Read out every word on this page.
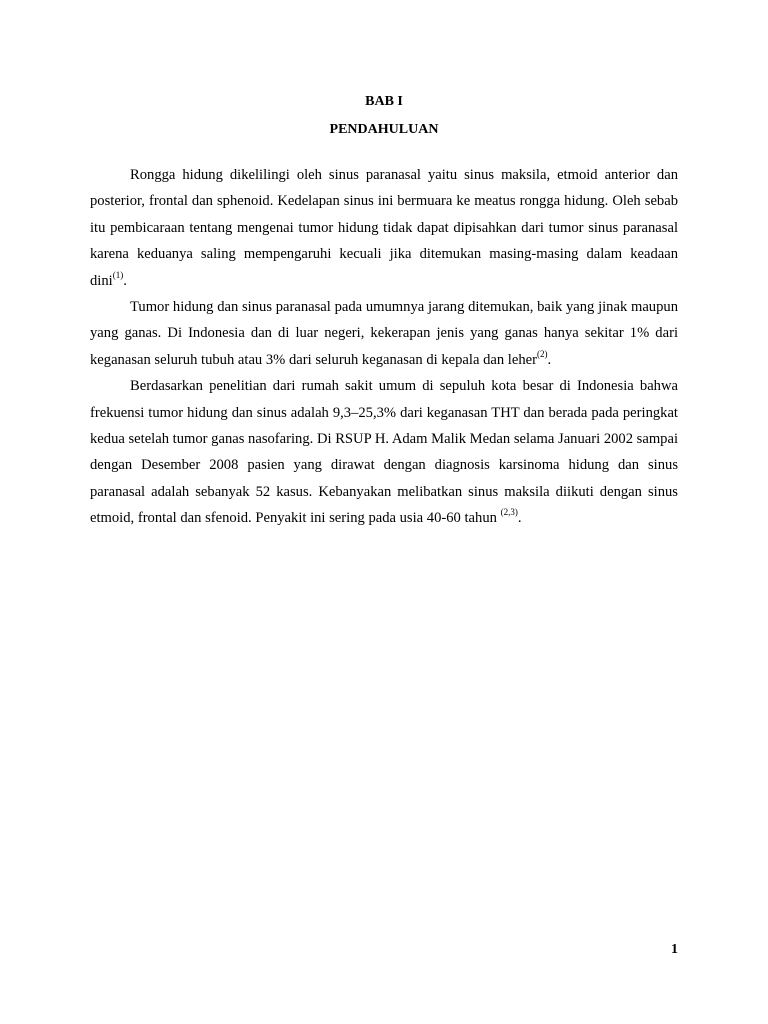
BAB I
PENDAHULUAN

Rongga hidung dikelilingi oleh sinus paranasal yaitu sinus maksila, etmoid anterior dan posterior, frontal dan sphenoid. Kedelapan sinus ini bermuara ke meatus rongga hidung. Oleh sebab itu pembicaraan tentang mengenai tumor hidung tidak dapat dipisahkan dari tumor sinus paranasal karena keduanya saling mempengaruhi kecuali jika ditemukan masing-masing dalam keadaan dini$^{(1)}$.

Tumor hidung dan sinus paranasal pada umumnya jarang ditemukan, baik yang jinak maupun yang ganas. Di Indonesia dan di luar negeri, kekerapan jenis yang ganas hanya sekitar 1% dari keganasan seluruh tubuh atau 3% dari seluruh keganasan di kepala dan leher$^{(2)}$.

Berdasarkan penelitian dari rumah sakit umum di sepuluh kota besar di Indonesia bahwa frekuensi tumor hidung dan sinus adalah 9,3–25,3% dari keganasan THT dan berada pada peringkat kedua setelah tumor ganas nasofaring. Di RSUP H. Adam Malik Medan selama Januari 2002 sampai dengan Desember 2008 pasien yang dirawat dengan diagnosis karsinoma hidung dan sinus paranasal adalah sebanyak 52 kasus. Kebanyakan melibatkan sinus maksila diikuti dengan sinus etmoid, frontal dan sfenoid. Penyakit ini sering pada usia 40-60 tahun $^{(2,3)}$.

1
